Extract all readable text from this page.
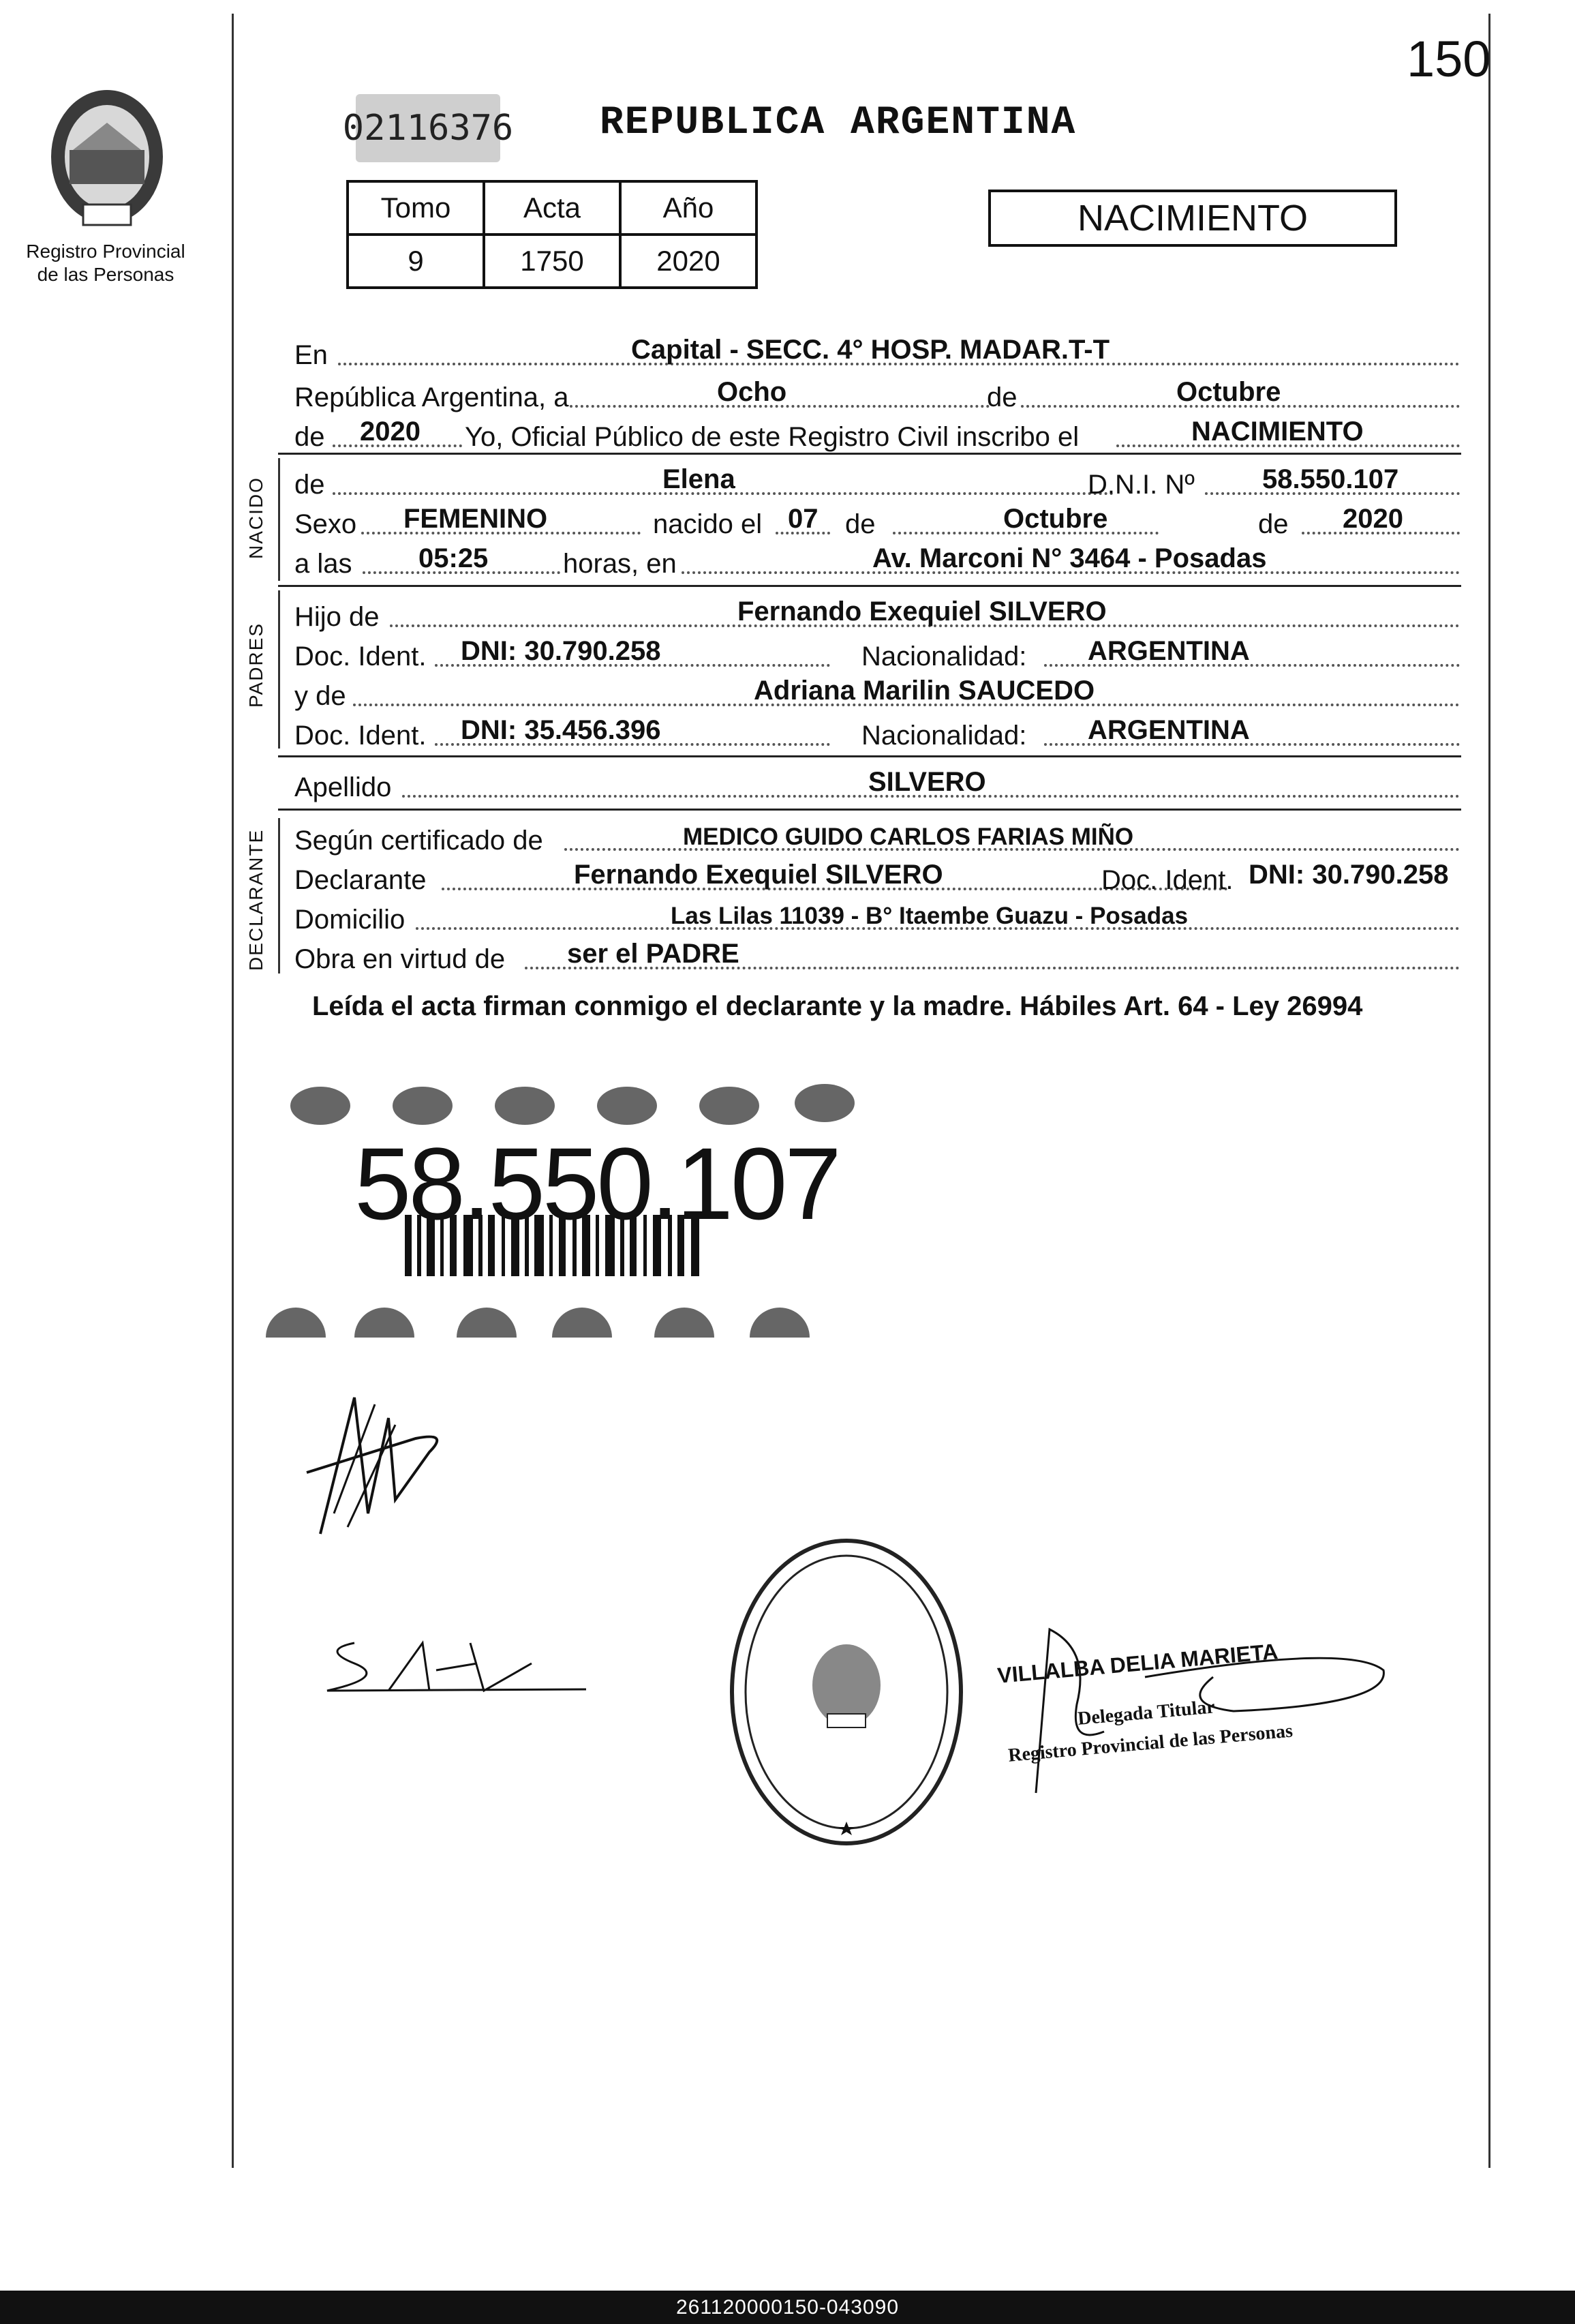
150
Registro Provincial
de las Personas
02116376 REPUBLICA ARGENTINA
Tomo	Acta	Año
9	1750	2020
NACIMIENTO
En	Capital - SECC. 4° HOSP. MADAR.T-T
República Argentina, a	Ocho	de	Octubre
de 2020 Yo, Oficial Público de este Registro Civil inscribo el	NACIMIENTO
NACIDO de	Elena	D.N.I. Nº 58.550.107
Sexo FEMENINO	nacido el 07 de	Octubre	de 2020
a las 05:25	horas, en	Av. Marconi N° 3464 - Posadas
PADRES
Hijo de	Fernando Exequiel SILVERO
Doc. Ident. DNI: 30.790.258	Nacionalidad: ARGENTINA
y de	Adriana Marilin SAUCEDO
Doc. Ident. DNI: 35.456.396	Nacionalidad: ARGENTINA
Apellido	SILVERO
DECLARANTE Según certificado de	MEDICO GUIDO CARLOS FARIAS MIÑO
Declarante	Fernando Exequiel SILVERO	Doc. Ident. DNI: 30.790.258
Domicilio	Las Lilas 11039 - B° Itaembe Guazu - Posadas
Obra en virtud de ser el PADRE
Leída el acta firman conmigo el declarante y la madre. Hábiles Art. 64 - Ley 26994
58.550.107
VILLALBA DELIA MARIETA
Delegada Titular
Registro Provincial de las Personas
261120000150-043090
